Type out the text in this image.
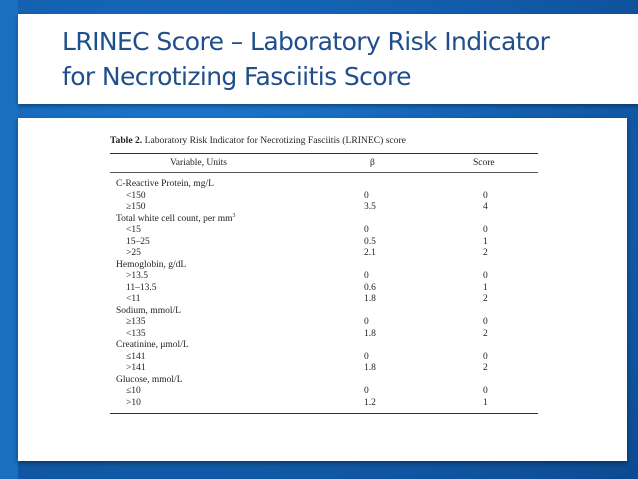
LRINEC Score – Laboratory Risk Indicator
for Necrotizing Fasciitis Score

Table 2. Laboratory Risk Indicator for Necrotizing Fasciitis (LRINEC) score

Variable, Units	β	Score
C-Reactive Protein, mg/L
<150	0	0
≥150	3.5	4
Total white cell count, per $mm^3$
<15	0	0
15–25	0.5	1
>25	2.1	2
Hemoglobin, g/dL
>13.5	0	0
11–13.5	0.6	1
<11	1.8	2
Sodium, mmol/L
≥135	0	0
<135	1.8	2
Creatinine, μmol/L
≤141	0	0
>141	1.8	2
Glucose, mmol/L
≤10	0	0
>10	1.2	1
